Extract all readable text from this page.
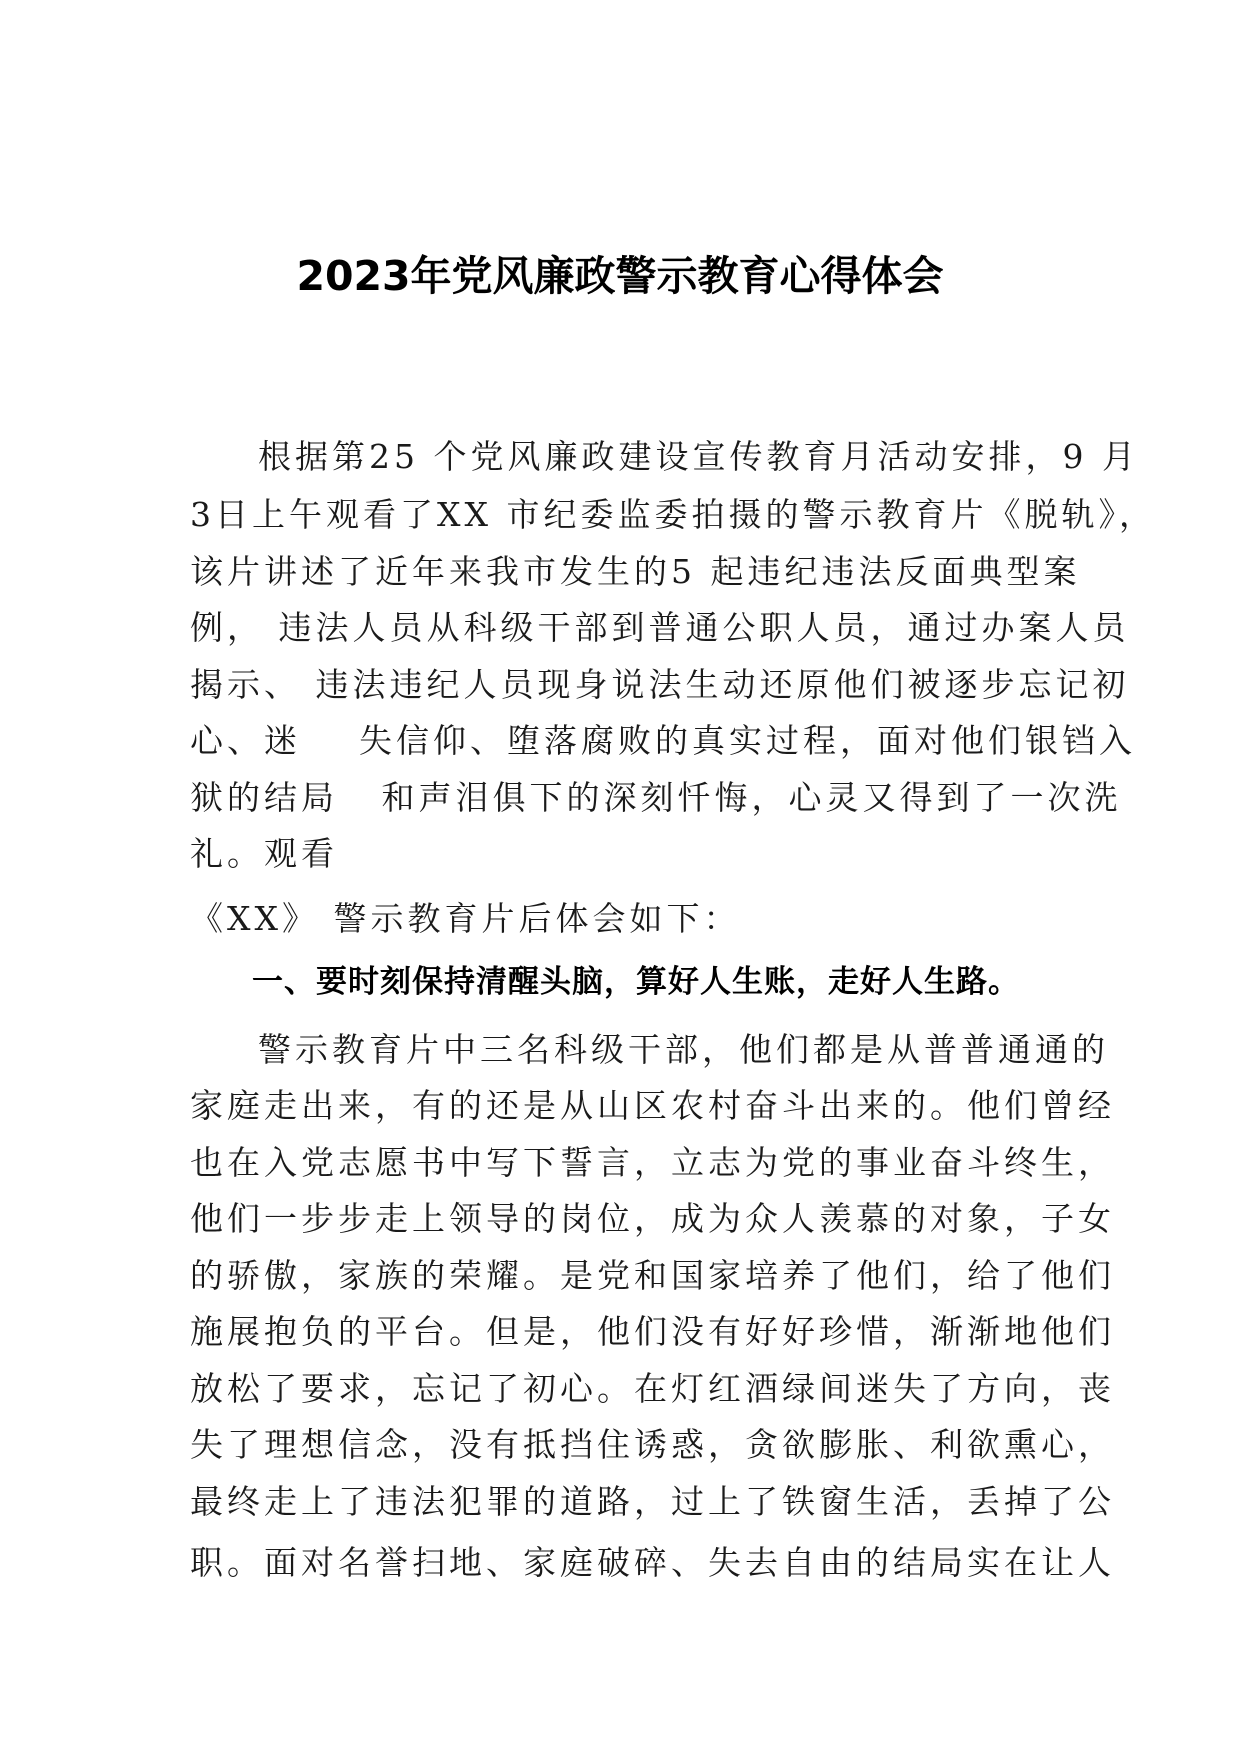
2023年党风廉政警示教育心得体会
根据第25 个党风廉政建设宣传教育月活动安排，9 月
3日上午观看了XX 市纪委监委拍摄的警示教育片《脱轨》，
该片讲述了近年来我市发生的5 起违纪违法反面典型案
例， 违法人员从科级干部到普通公职人员，通过办案人员
揭示、 违法违纪人员现身说法生动还原他们被逐步忘记初
心、迷    失信仰、堕落腐败的真实过程，面对他们银铛入
狱的结局   和声泪俱下的深刻忏悔，心灵又得到了一次洗
礼。观看
《XX》 警示教育片后体会如下：
一、要时刻保持清醒头脑，算好人生账，走好人生路。
警示教育片中三名科级干部，他们都是从普普通通的
家庭走出来，有的还是从山区农村奋斗出来的。他们曾经
也在入党志愿书中写下誓言，立志为党的事业奋斗终生，
他们一步步走上领导的岗位，成为众人羡慕的对象，子女
的骄傲，家族的荣耀。是党和国家培养了他们，给了他们
施展抱负的平台。但是，他们没有好好珍惜，渐渐地他们
放松了要求，忘记了初心。在灯红酒绿间迷失了方向，丧
失了理想信念，没有抵挡住诱惑，贪欲膨胀、利欲熏心，
最终走上了违法犯罪的道路，过上了铁窗生活，丢掉了公
职。面对名誉扫地、家庭破碎、失去自由的结局实在让人
